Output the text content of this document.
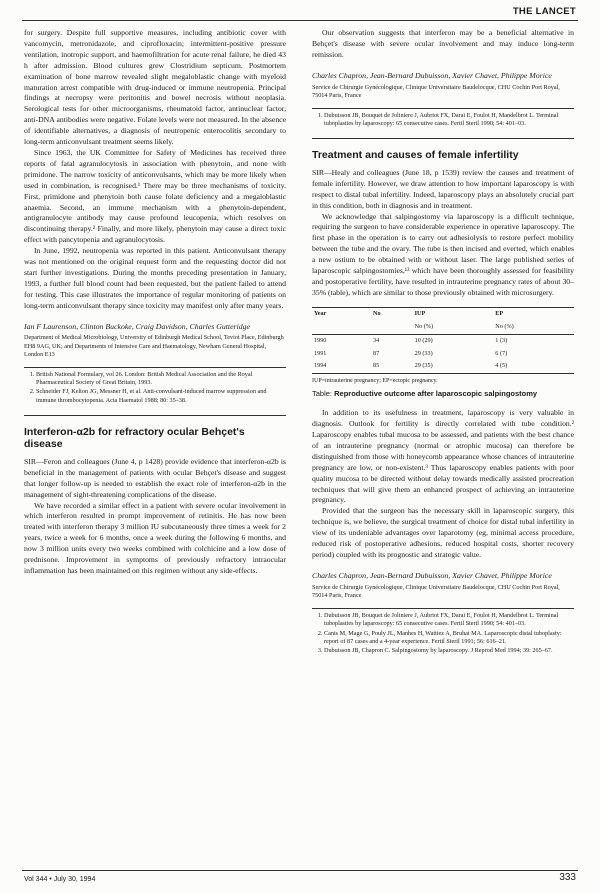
THE LANCET

for surgery. Despite full supportive measures, including antibiotic cover with vancomycin, metronidazole, and ciprofloxacin; intermittent-positive pressure ventilation, inotropic support, and haemofiltration for acute renal failure, he died 43 h after admission. Blood cultures grew Clostridium septicum. Postmortem examination of bone marrow revealed slight megaloblastic change with myeloid maturation arrest compatible with drug-induced or immune neutropenia. Principal findings at necropsy were peritonitis and bowel necrosis without neoplasia. Serological tests for other microorganisms, rheumatoid factor, antinuclear factor, anti-DNA antibodies were negative. Folate levels were not measured. In the absence of identifiable alternatives, a diagnosis of neutropenic enterocolitis secondary to long-term anticonvulsant treatment seems likely.

Since 1963, the UK Committee for Safety of Medicines has received three reports of fatal agranulocytosis in association with phenytoin, and none with primidone. The narrow toxicity of anticonvulsants, which may be more likely when used in combination, is recognised.¹ There may be three mechanisms of toxicity. First, primidone and phenytoin both cause folate deficiency and a megaloblastic anaemia. Second, an immune mechanism with a phenytoin-dependent, antigranulocyte antibody may cause profound leucopenia, which resolves on discontinuing therapy.² Finally, and more likely, phenytoin may cause a direct toxic effect with pancytopenia and agranulocytosis.

In June, 1992, neutropenia was reported in this patient. Anticonvulsant therapy was not mentioned on the original request form and the requesting doctor did not start further investigations. During the months preceding presentation in January, 1993, a further full blood count had been requested, but the patient failed to attend for testing. This case illustrates the importance of regular monitoring of patients on long-term anticonvulsant therapy since toxicity may manifest only after many years.

Ian F Laurenson, Clinton Buckoke, Craig Davidson, Charles Gutteridge
Department of Medical Microbiology, University of Edinburgh Medical School, Teviot Place, Edinburgh EH8 9AG, UK; and Departments of Intensive Care and Haematology, Newham General Hospital, London E13
1. British National Formulary, vol 26. London: British Medical Association and the Royal Pharmaceutical Society of Great Britain, 1993.
2. Schneider FJ, Kelton JG, Messner H, et al. Anti-convulsant-induced marrow suppression and immune thrombocytopenia. Acta Haematol 1988; 80: 35–38.
Interferon-α2b for refractory ocular Behçet's disease

SIR—Feron and colleagues (June 4, p 1428) provide evidence that interferon-α2b is beneficial in the management of patients with ocular Behçet's disease and suggest that longer follow-up is needed to establish the exact role of interferon-α2b in the management of sight-threatening complications of the disease.

We have recorded a similar effect in a patient with severe ocular involvement in which interferon resulted in prompt improvement of retinitis. He has now been treated with interferon therapy 3 million IU subcutaneously three times a week for 2 years, twice a week for 6 months, once a week during the following 6 months, and now 3 million units every two weeks combined with colchicine and a low dose of prednisone. Improvement in symptoms of previously refractory intraocular inflammation has been maintained on this regimen without any side-effects.

Our observation suggests that interferon may be a beneficial alternative in Behçet's disease with severe ocular involvement and may induce long-term remission.

Charles Chapron, Jean-Bernard Dubuisson, Xavier Chavet, Philippe Morice
Service de Chirurgie Gynécologique, Clinique Universitaire Baudelocque, CHU Cochin Port Royal, 75014 Paris, France
1. Dubuisson JB, Bouquet de Joliniere J, Aubriot FX, Darai E, Foulot H, Mandelbrot L. Terminal tuboplasties by laparoscopy: 65 consecutive cases. Fertil Steril 1990; 54: 401–03.
Treatment and causes of female infertility

SIR—Healy and colleagues (June 18, p 1539) review the causes and treatment of female infertility. However, we draw attention to how important laparoscopy is with respect to distal tubal infertility. Indeed, laparoscopy plays an absolutely crucial part in this condition, both in diagnosis and in treatment.

We acknowledge that salpingostomy via laparoscopy is a difficult technique, requiring the surgeon to have considerable experience in operative laparoscopy. The first phase in the operation is to carry out adhesiolysis to restore perfect mobility between the tube and the ovary. The tube is then incised and everted, which enables a new ostium to be obtained with or without laser. The large published series of laparoscopic salpingostomies,¹² which have been thoroughly assessed for feasibility and postoperative fertility, have resulted in intrauterine pregnancy rates of about 30–35% (table), which are similar to those previously obtained with microsurgery.

Year	No	IUP	EP
		No (%)	No (%)
1990	34	10 (29)	1 (3)
1991	87	29 (33)	6 (7)
1994	85	29 (35)	4 (5)
IUP=intrauterine pregnancy; EP=ectopic pregnancy.
Table: Reproductive outcome after laparoscopic salpingostomy

In addition to its usefulness in treatment, laparoscopy is very valuable in diagnosis. Outlook for fertility is directly correlated with tube condition.² Laparoscopy enables tubal mucosa to be assessed, and patients with the best chance of an intrauterine pregnancy (normal or atrophic mucosa) can therefore be distinguished from those with honeycomb appearance whose chances of intrauterine pregnancy are low, or non-existent.³ Thus laparoscopy enables patients with poor quality mucosa to be directed without delay towards medically assisted procreation techniques that will give them an enhanced prospect of achieving an intrauterine pregnancy.

Provided that the surgeon has the necessary skill in laparoscopic surgery, this technique is, we believe, the surgical treatment of choice for distal tubal infertility in view of its undeniable advantages over laparotomy (eg, minimal access procedure, reduced risk of postoperative adhesions, reduced hospital costs, shorter recovery period) coupled with its prognostic and strategic value.

Charles Chapron, Jean-Bernard Dubuisson, Xavier Chavet, Philippe Morice
Service de Chirurgie Gynécologique, Clinique Universitaire Baudelocque, CHU Cochin Port Royal, 75014 Paris, France
1. Dubuisson JB, Bouquet de Joliniere J, Aubriot FX, Darai E, Foulot H, Mandelbrot L. Terminal tuboplasties by laparoscopy: 65 consecutive cases. Fertil Steril 1990; 54: 401–03.
2. Canis M, Mage G, Pouly JL, Manhes H, Wattiez A, Bruhat MA. Laparoscopic distal tuboplasty: report of 87 cases and a 4-year experience. Fertil Steril 1991; 56: 616–21.
3. Dubuisson JB, Chapron C. Salpingostomy by laparoscopy. J Reprod Med 1994; 39: 265–67.
Vol 344 • July 30, 1994	333
